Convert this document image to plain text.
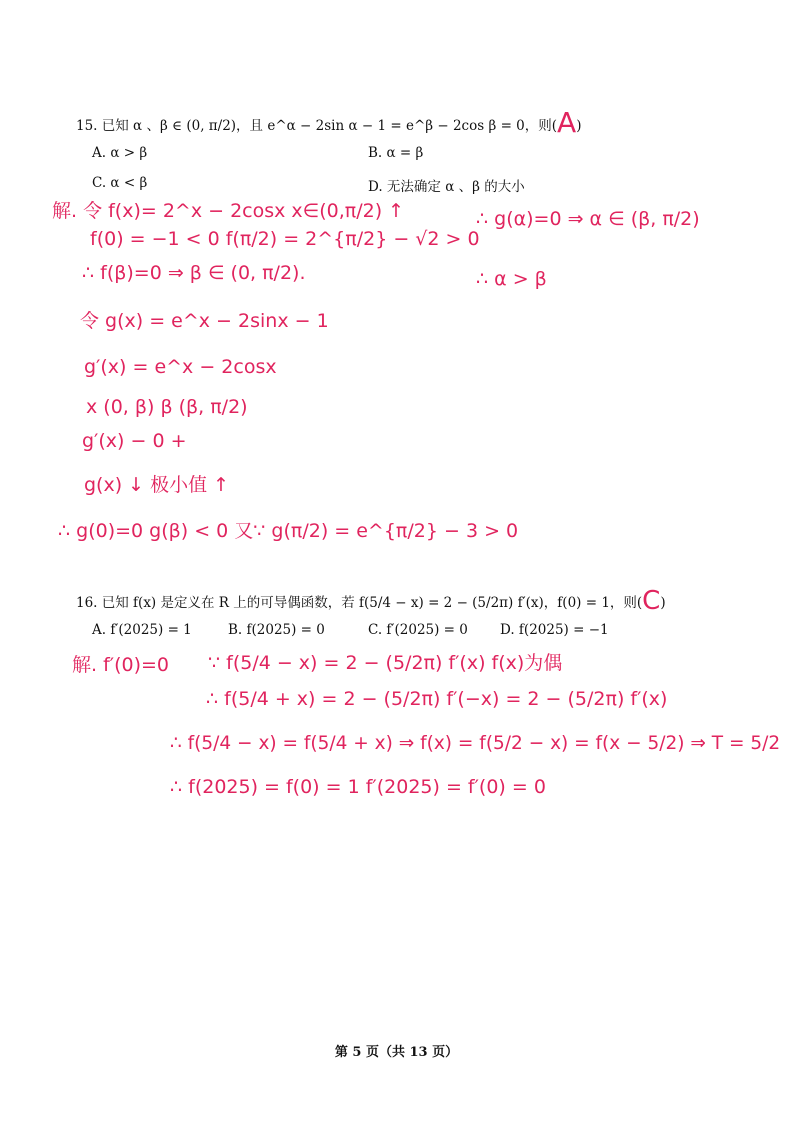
15. 已知 α 、β ∈ (0, π/2)，且 e^α − 2sin α − 1 = e^β − 2cos β = 0，则(A)
A. α > β	B. α = β
C. α < β	D. 无法确定 α 、β 的大小
解. 令 f(x)= 2^x − 2cosx x∈(0,π/2) ↑
f(0) = −1 < 0 f(π/2) = 2^{π/2} − √2 > 0
∴ f(β)=0 ⇒ β ∈ (0, π/2).
令 g(x) = e^x − 2sinx − 1
g′(x) = e^x − 2cosx
x (0, β) β (β, π/2)
g′(x) − 0 +
g(x) ↓ 极小值 ↑
∴ g(0)=0 g(β) < 0 又∵ g(π/2) = e^{π/2} − 3 > 0
∴ g(α)=0 ⇒ α ∈ (β, π/2)
∴ α > β
16. 已知 f(x) 是定义在 R 上的可导偶函数，若 f(5/4 − x) = 2 − (5/2π) f′(x)，f(0) = 1，则(C)
A. f′(2025) = 1	B. f(2025) = 0	C. f′(2025) = 0 D. f(2025) = −1
解. f′(0)=0 ∵ f(5/4 − x) = 2 − (5/2π) f′(x) f(x)为偶
∴ f(5/4 + x) = 2 − (5/2π) f′(−x) = 2 − (5/2π) f′(x)
∴ f(5/4 − x) = f(5/4 + x) ⇒ f(x) = f(5/2 − x) = f(x − 5/2) ⇒ T = 5/2
∴ f(2025) = f(0) = 1 f′(2025) = f′(0) = 0
第 5 页（共 13 页）
